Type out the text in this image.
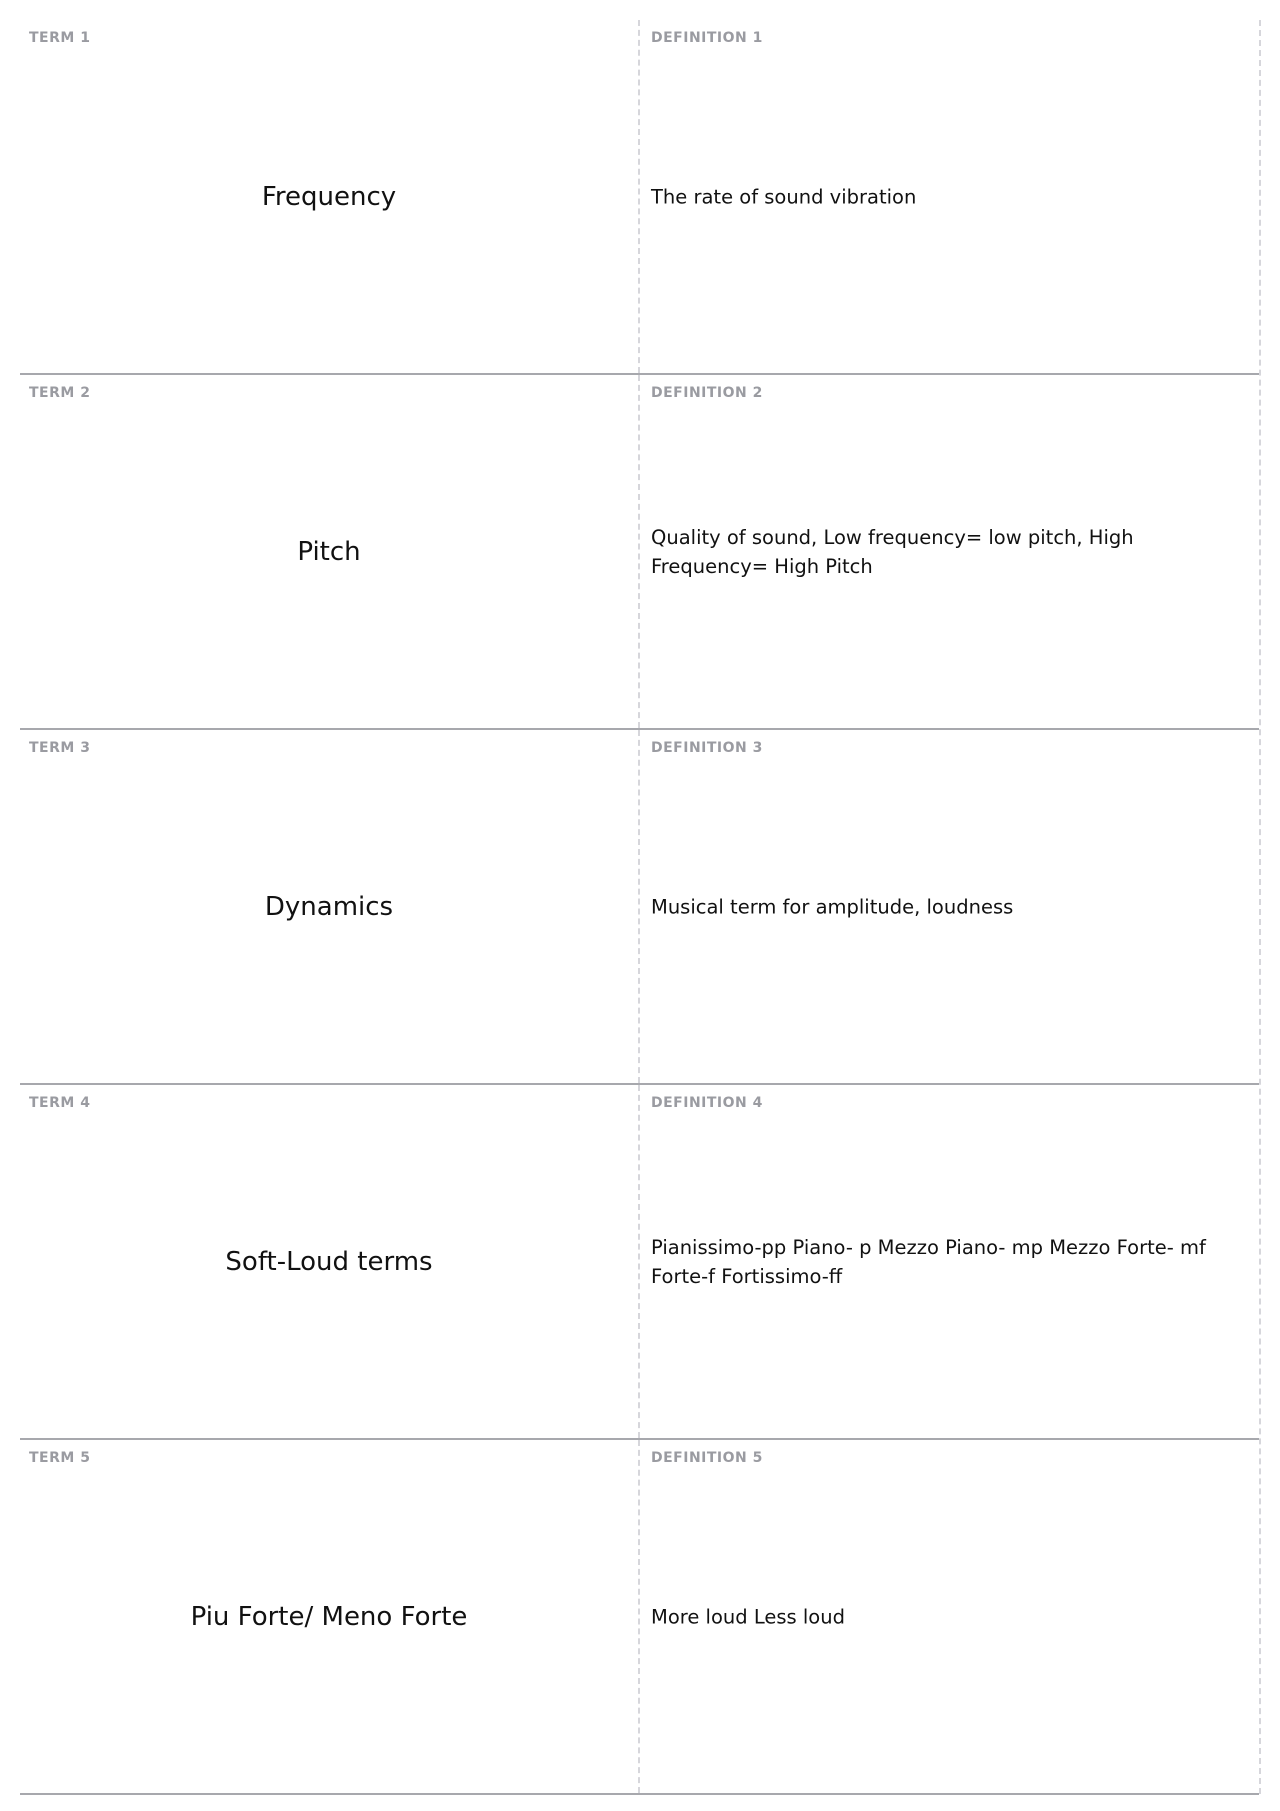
TERM 1
Frequency
DEFINITION 1
The rate of sound vibration
TERM 2
Pitch
DEFINITION 2
Quality of sound, Low frequency= low pitch, High Frequency= High Pitch
TERM 3
Dynamics
DEFINITION 3
Musical term for amplitude, loudness
TERM 4
Soft-Loud terms
DEFINITION 4
Pianissimo-pp Piano- p Mezzo Piano- mp Mezzo Forte- mf Forte-f Fortissimo-ff
TERM 5
Piu Forte/ Meno Forte
DEFINITION 5
More loud Less loud
